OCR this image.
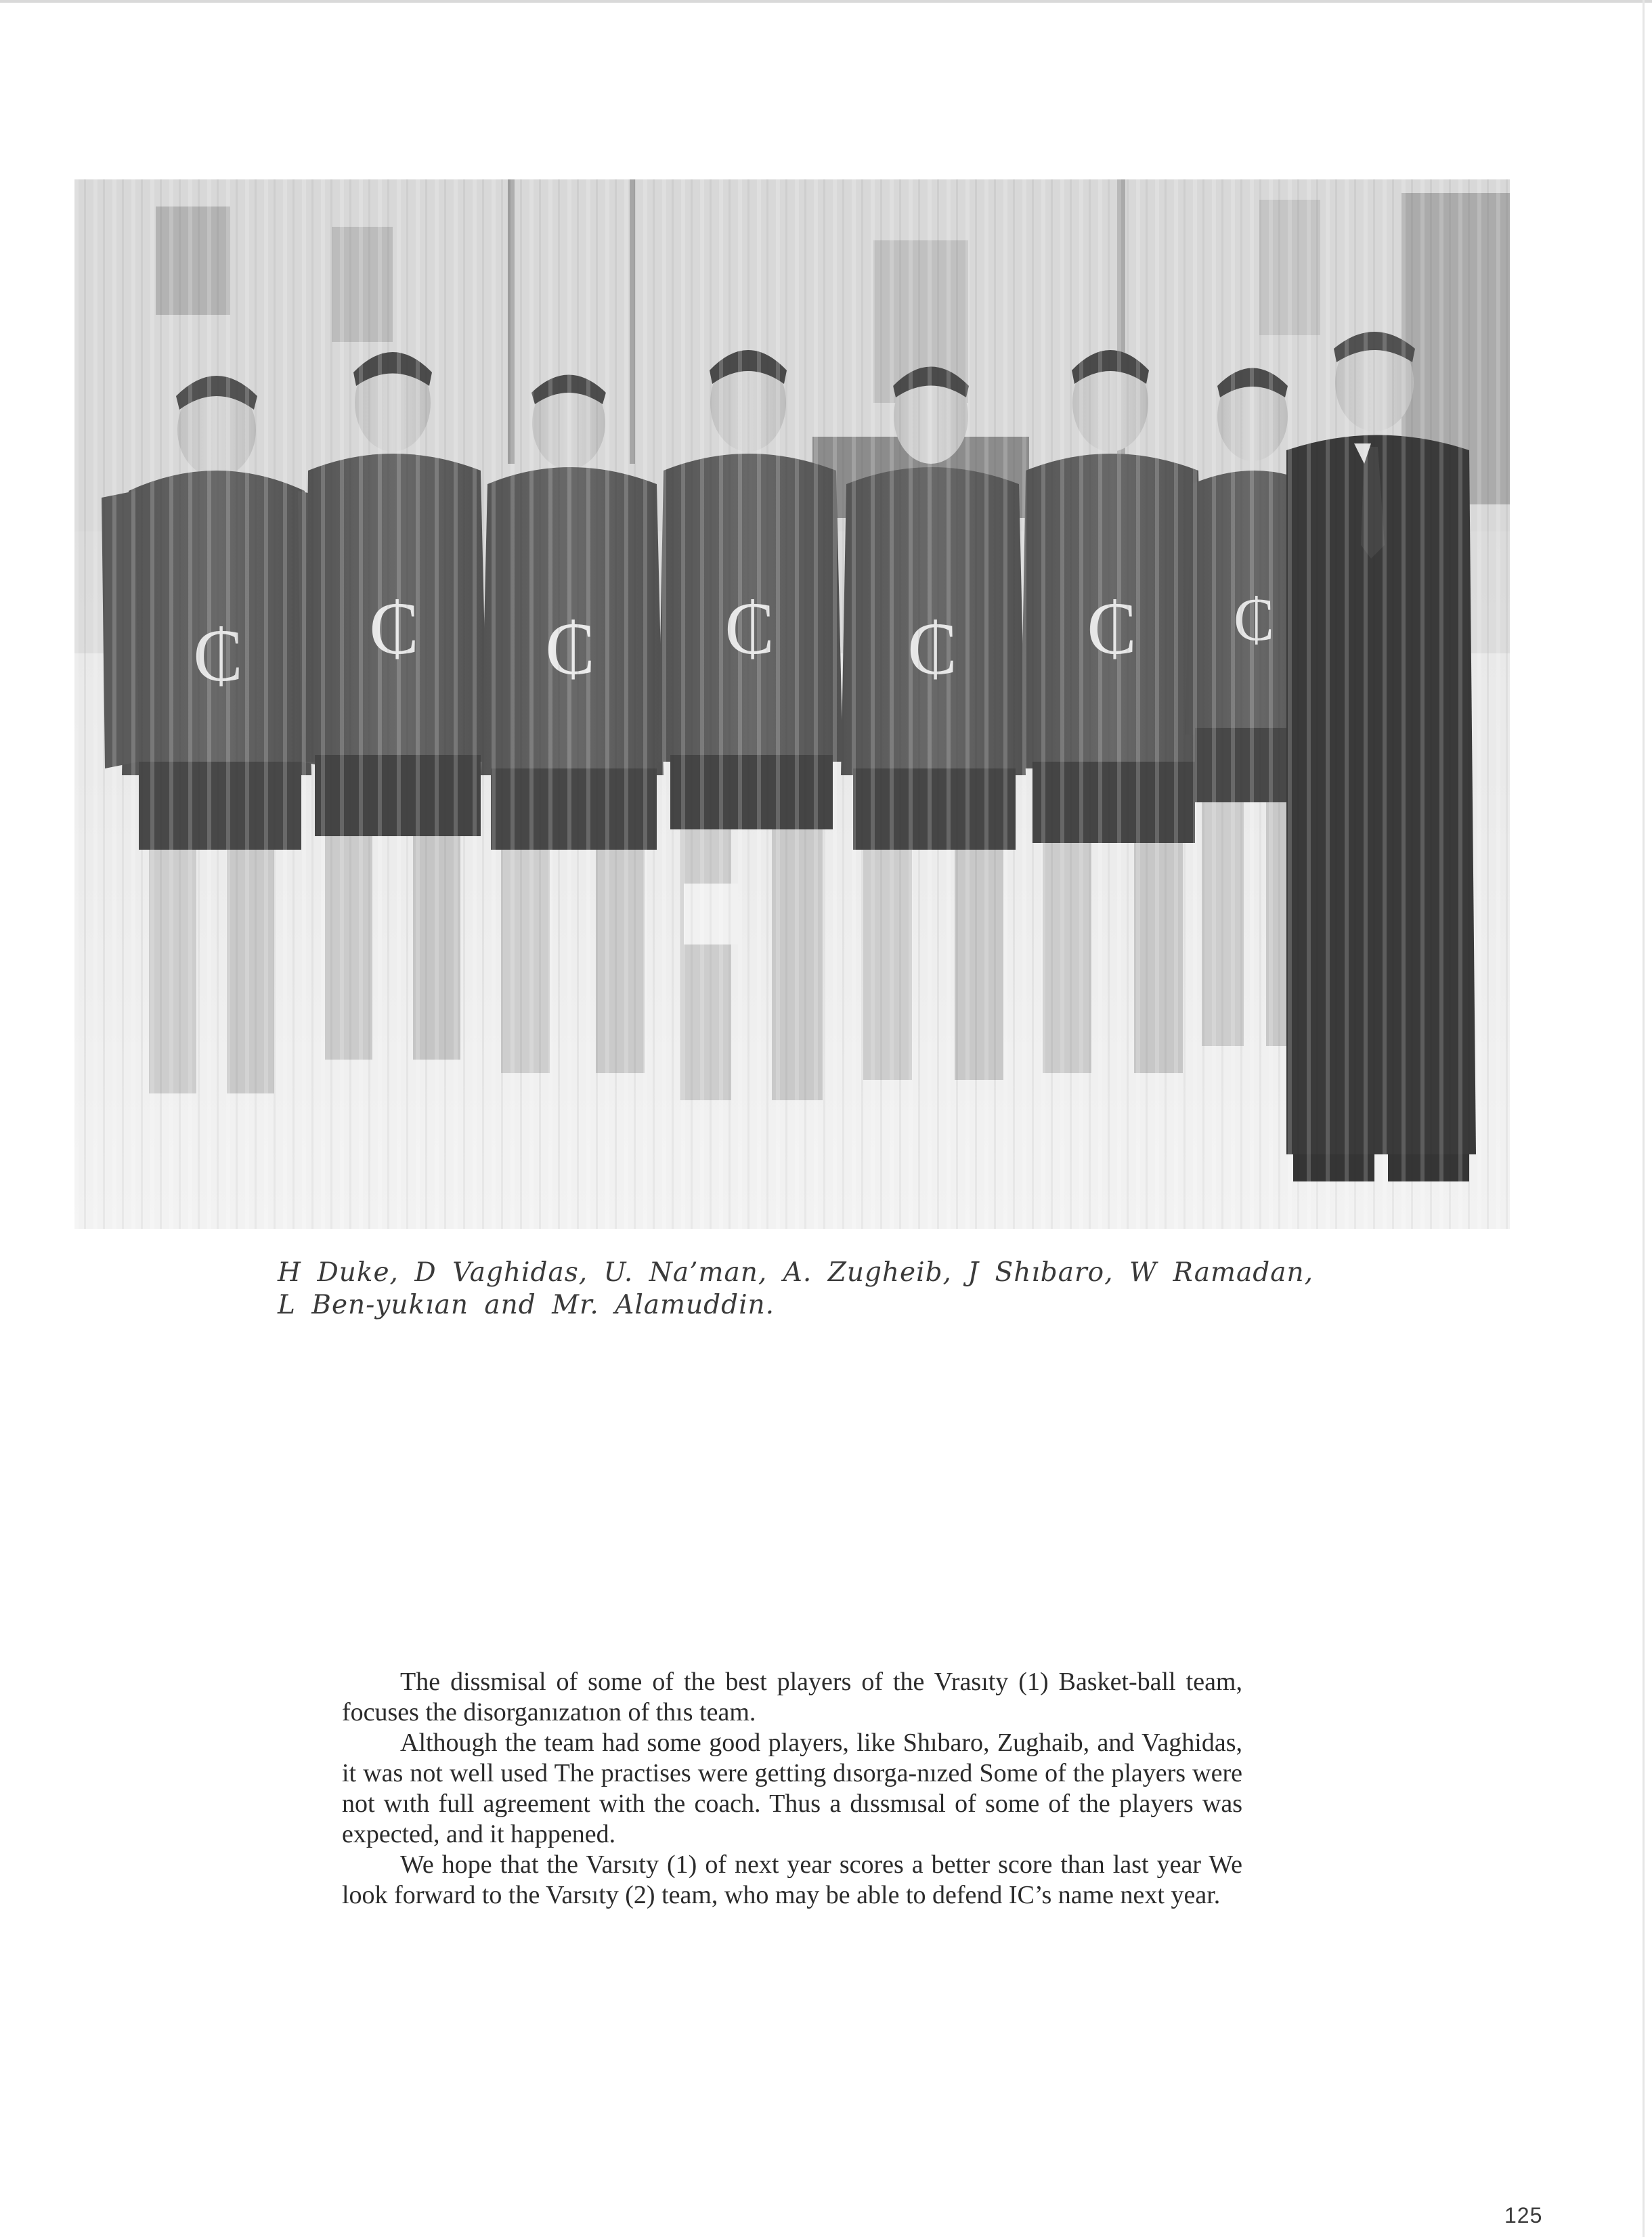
H Duke, D Vaghidas, U. Na’man, A. Zugheib, J Shıbaro, W Ramadan, L Ben-yukıan and Mr. Alamuddin.

The dissmisal of some of the best players of the Vrasıty (1) Basket-ball team, focuses the disorganızatıon of thıs team.

Although the team had some good players, like Shıbaro, Zughaib, and Vaghidas, it was not well used The practises were getting dısorga-nızed Some of the players were not wıth full agreement with the coach. Thus a dıssmısal of some of the players was expected, and it happened.

We hope that the Varsıty (1) of next year scores a better score than last year We look forward to the Varsıty (2) team, who may be able to defend IC’s name next year.

125
